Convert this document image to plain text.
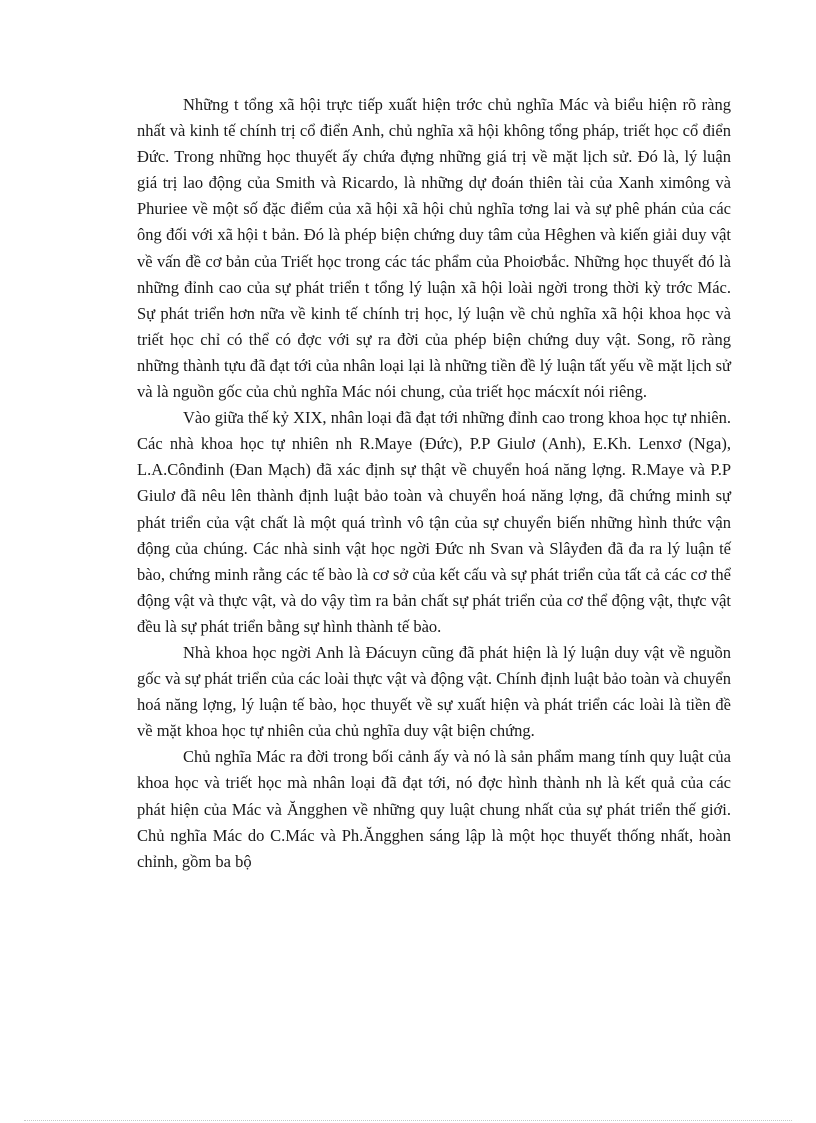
Những t tổng xã hội trực tiếp xuất hiện trớc chủ nghĩa Mác và biểu hiện rõ ràng nhất và kinh tế chính trị cổ điển Anh, chủ nghĩa xã hội không tổng pháp, triết học cổ điển Đức. Trong những học thuyết ấy chứa đựng những giá trị về mặt lịch sử. Đó là, lý luận giá trị lao động của Smith và Ricardo, là những dự đoán thiên tài của Xanh ximông và Phuriee về một số đặc điểm của xã hội xã hội chủ nghĩa tơng lai và sự phê phán của các ông đối với xã hội t bản. Đó là phép biện chứng duy tâm của Hêghen và kiến giải duy vật về vấn đề cơ bản của Triết học trong các tác phẩm của Phoiơbắc. Những học thuyết đó là những đỉnh cao của sự phát triển t tổng lý luận xã hội loài ngời trong thời kỳ trớc Mác. Sự phát triển hơn nữa về kinh tế chính trị học, lý luận về chủ nghĩa xã hội khoa học và triết học chỉ có thể có đợc với sự ra đời của phép biện chứng duy vật. Song, rõ ràng những thành tựu đã đạt tới của nhân loại lại là những tiền đề lý luận tất yếu về mặt lịch sử và là nguồn gốc của chủ nghĩa Mác nói chung, của triết học mácxít nói riêng.

Vào giữa thế kỷ XIX, nhân loại đã đạt tới những đỉnh cao trong khoa học tự nhiên. Các nhà khoa học tự nhiên nh R.Maye (Đức), P.P Giulơ (Anh), E.Kh. Lenxơ (Nga), L.A.Cônđinh (Đan Mạch) đã xác định sự thật về chuyển hoá năng lợng. R.Maye và P.P Giulơ đã nêu lên thành định luật bảo toàn và chuyển hoá năng lợng, đã chứng minh sự phát triển của vật chất là một quá trình vô tận của sự chuyển biến những hình thức vận động của chúng. Các nhà sinh vật học ngời Đức nh Svan và Slâyđen đã đa ra lý luận tế bào, chứng minh rằng các tế bào là cơ sở của kết cấu và sự phát triển của tất cả các cơ thể động vật và thực vật, và do vậy tìm ra bản chất sự phát triển của cơ thể động vật, thực vật đều là sự phát triển bằng sự hình thành tế bào.

Nhà khoa học ngời Anh là Đácuyn cũng đã phát hiện là lý luận duy vật về nguồn gốc và sự phát triển của các loài thực vật và động vật. Chính định luật bảo toàn và chuyển hoá năng lợng, lý luận tế bào, học thuyết về sự xuất hiện và phát triển các loài là tiền đề về mặt khoa học tự nhiên của chủ nghĩa duy vật biện chứng.

Chủ nghĩa Mác ra đời trong bối cảnh ấy và nó là sản phẩm mang tính quy luật của khoa học và triết học mà nhân loại đã đạt tới, nó đợc hình thành nh là kết quả của các phát hiện của Mác và Ăngghen về những quy luật chung nhất của sự phát triển thế giới. Chủ nghĩa Mác do C.Mác và Ph.Ăngghen sáng lập là một học thuyết thống nhất, hoàn chỉnh, gồm ba bộ
